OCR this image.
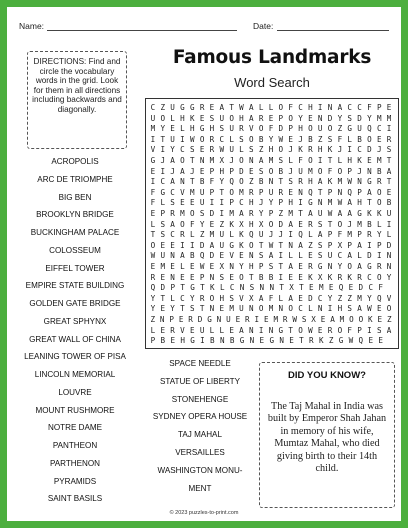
Name:	Date:
DIRECTIONS: Find and circle the vocabulary words in the grid. Look for them in all directions including backwards and diagonally.
Famous Landmarks
Word Search
C Z U G G R E A T W A L L O F C H I N A C C F P E
U O L H K E S U O H A R E P O Y E N D Y S D Y M M
M Y E L H G H S U R V O F D P H O U O Z G U Q C I
I T U I W O R C L S O B Y W E J B Z S F L B O E R
V I Y C S E R W U L S Z H O J K R H K J I C D J S
G J A O T N M X J O N A M S L F O I T L H K E M T
E I J A J E P H P D E S O B J U M O F O P J N B A
I C A N T B F Y Q O Z B N T S R H A K M W N G R T
F G C V M U P T O M R P U R E N Q T P N Q P A O E
F L S E E U I I P C H J Y P H I G N M W A H T O B
E P R M O S D I M A R Y P Z M T A U W A A G K K U
L S A O F Y E Z K X H X O D A E R S T O J M B L I
T S C R L Z M U L K Q U J J I Q L A P F M P R Y L
O E E I I D A U G K O T W T N A Z S P X P A I P D
W U N A B Q D E V E N S A I L L E S U C A L D I N
E M E L E W E X N Y H P S T A E R G N Y O A G R N
R E N E E P N S E O T B B I E E K X K R K R C O Y
Q D P T G T K L C N S N N T X T E M E Q E D C F
Y T L C Y R O H S V X A F L A E D C Y Z Z M Y Q V
Y E Y T S T N E M U N O M N O C L N I H S A W E O
Z N P E R D G N U E R I E M R W S X E A M O O K E Z
L E R V E U L L E A N I N G T O W E R O F P I S A
P B E H G I B N B G N E G N E T R K Z G W Q E E
ACROPOLIS
ARC DE TRIOMPHE
BIG BEN
BROOKLYN BRIDGE
BUCKINGHAM PALACE
COLOSSEUM
EIFFEL TOWER
EMPIRE STATE BUILDING
GOLDEN GATE BRIDGE
GREAT SPHYNX
GREAT WALL OF CHINA
LEANING TOWER OF PISA
LINCOLN MEMORIAL
LOUVRE
MOUNT RUSHMORE
NOTRE DAME
PANTHEON
PARTHENON
PYRAMIDS
SAINT BASILS
SPACE NEEDLE
STATUE OF LIBERTY
STONEHENGE
SYDNEY OPERA HOUSE
TAJ MAHAL
VERSAILLES
WASHINGTON MONU-
MENT
DID YOU KNOW?
The Taj Mahal in India was built by Emperor Shah Jahan in memory of his wife, Mumtaz Mahal, who died giving birth to their 14th child.
© 2023 puzzles-to-print.com
